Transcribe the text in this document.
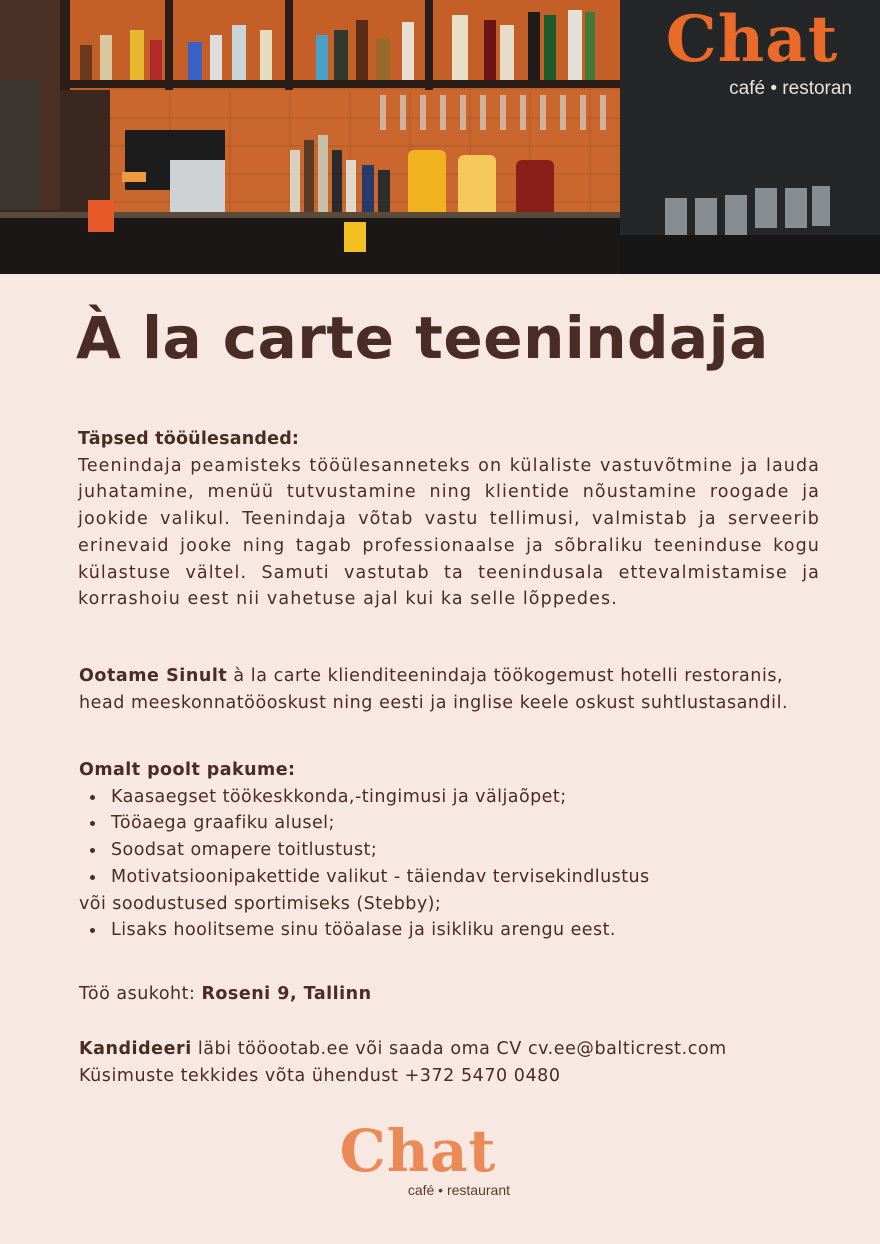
Chat
café • restoran
À la carte teenindaja
Täpsed tööülesanded:
Teenindaja peamisteks tööülesanneteks on külaliste vastuvõtmine ja lauda juhatamine, menüü tutvustamine ning klientide nõustamine roogade ja jookide valikul. Teenindaja võtab vastu tellimusi, valmistab ja serveerib erinevaid jooke ning tagab professionaalse ja sõbraliku teeninduse kogu külastuse vältel. Samuti vastutab ta teenindusala ettevalmistamise ja korrashoiu eest nii vahetuse ajal kui ka selle lõppedes.
Ootame Sinult à la carte klienditeenindaja töökogemust hotelli restoranis, head meeskonnatööoskust ning eesti ja inglise keele oskust suhtlustasandil.
Omalt poolt pakume:
Kaasaegset töökeskkonda,-tingimusi ja väljaõpet;
Tööaega graafiku alusel;
Soodsat omapere toitlustust;
Motivatsioonipakettide valikut - täiendav tervisekindlustus
või soodustused sportimiseks (Stebby);
Lisaks hoolitseme sinu tööalase ja isikliku arengu eest.
Töö asukoht: Roseni 9, Tallinn
Kandideeri läbi tööootab.ee või saada oma CV cv.ee@balticrest.com
Küsimuste tekkides võta ühendust +372 5470 0480
Chat
café • restaurant
